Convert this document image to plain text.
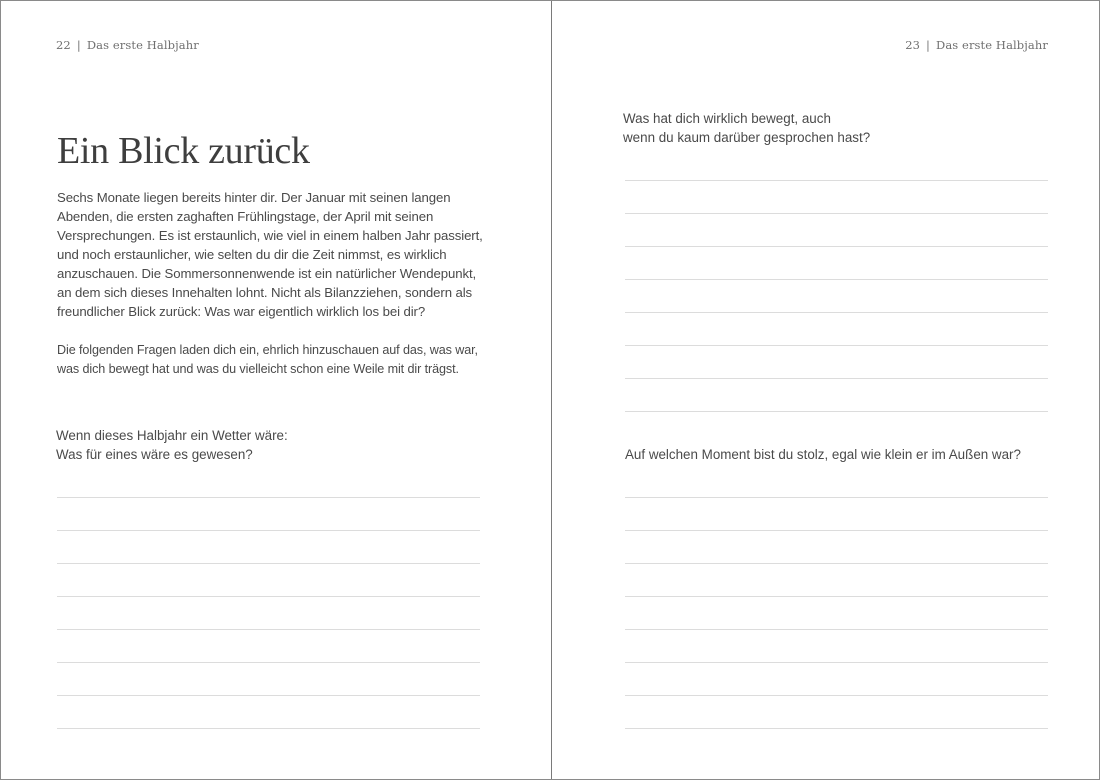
22 | Das erste Halbjahr
Ein Blick zurück

Sechs Monate liegen bereits hinter dir. Der Januar mit seinen langen Abenden, die ersten zaghaften Frühlingstage, der April mit seinen Versprechungen. Es ist erstaunlich, wie viel in einem halben Jahr passiert, und noch erstaunlicher, wie selten du dir die Zeit nimmst, es wirklich anzuschauen. Die Sommersonnenwende ist ein natürlicher Wendepunkt, an dem sich dieses Innehalten lohnt. Nicht als Bilanzziehen, sondern als freundlicher Blick zurück: Was war eigentlich wirklich los bei dir?

Die folgenden Fragen laden dich ein, ehrlich hinzuschauen auf das, was war, was dich bewegt hat und was du vielleicht schon eine Weile mit dir trägst.

Wenn dieses Halbjahr ein Wetter wäre:
Was für eines wäre es gewesen?
23 | Das erste Halbjahr
Was hat dich wirklich bewegt, auch
wenn du kaum darüber gesprochen hast?
Auf welchen Moment bist du stolz, egal wie klein er im Außen war?
